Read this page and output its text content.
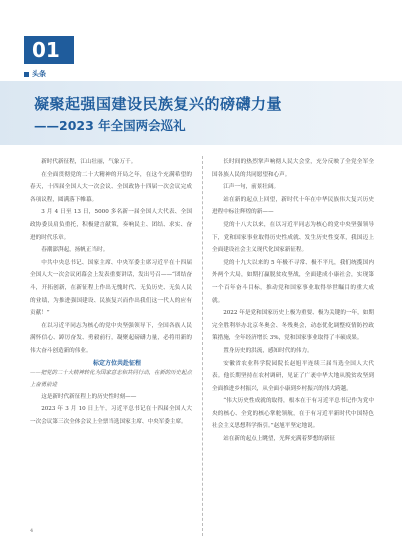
01
头条
凝聚起强国建设民族复兴的磅礴力量
——2023 年全国两会巡礼

新时代新征程，江山壮丽，气象万千。

在全面贯彻党的二十大精神的开局之年，在这个充满希望的春天，十四届全国人大一次会议、全国政协十四届一次会议完成各项议程，圆满落下帷幕。

3 月 4 日至 13 日，5000 多名新一届全国人大代表、全国政协委员肩负重托，积极建言献策，奏响民主、团结、求实、奋进的时代乐章。

春潮澎湃起，扬帆正当时。

中共中央总书记、国家主席、中央军委主席习近平在十四届全国人大一次会议闭幕会上发表重要讲话，发出号召——“团结奋斗，开拓创新，在新征程上作出无愧时代、无负历史、无负人民的业绩，为推进强国建设、民族复兴而作出我们这一代人的应有贡献！”

在以习近平同志为核心的党中央坚强领导下，全国各族人民满怀信心、踔厉奋发、勇毅前行，凝聚起磅礴力量，必将用新的伟大奋斗创造新的伟业。

标定方位共赴征程

——把党的二十大精神转化为国家意志和共同行动，在新的历史起点上奋勇前进

这是新时代新征程上的历史性时刻——

2023 年 3 月 10 日上午，习近平总书记在十四届全国人大一次会议第三次全体会议上全票当选国家主席、中央军委主席。

长时间的热烈掌声响彻人民大会堂，充分反映了全党全军全国各族人民的共同愿望和心声。

江声一句，前景壮阔。

站在新的起点上回望，新时代十年在中华民族伟大复兴历史进程中标注辉煌的新——

党的十八大以来，在以习近平同志为核心的党中央坚强领导下，党和国家事业取得历史性成就、发生历史性变革，我国迈上全面建设社会主义现代化国家新征程。

党的十九大以来的 5 年极不寻常、极不平凡，我们统揽国内外两个大局，如期打赢脱贫攻坚战，全面建成小康社会，实现第一个百年奋斗目标，推动党和国家事业取得举世瞩目的重大成就。

2022 年是党和国家历史上极为重要、极为关键的一年，如期完全胜利举办北京冬奥会、冬残奥会，动态优化调整疫情防控政策措施，全年经济增长 3%，党和国家事业取得了丰硕成果。

置身历史的洪流，感知时代的伟力。

安徽省农业科学院园院长赵旭平连续三届当选全国人大代表。他长期坚持在农村调研，见证了广袤中华大地从脱贫攻坚到全面推进乡村振兴，从全面小康到乡村振兴的伟大跨越。

“伟大历史性成就的取得，根本在于有习近平总书记作为党中央的核心、全党的核心掌舵领航，在于有习近平新时代中国特色社会主义思想科学指引。”赵旭平坚定地说。

站在新的起点上眺望，光辉充满着梦想的新征

4
